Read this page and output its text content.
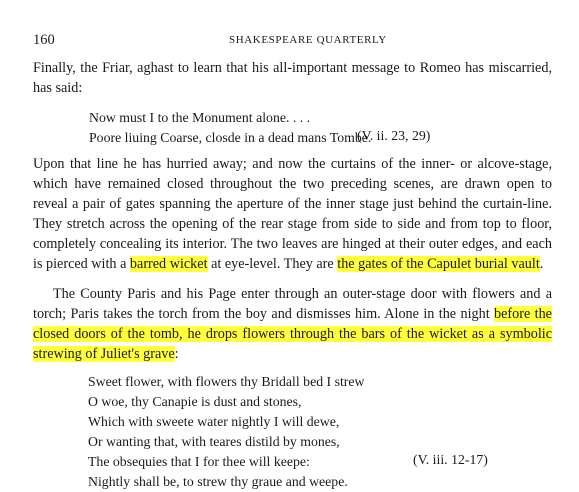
160	SHAKESPEARE QUARTERLY
Finally, the Friar, aghast to learn that his all-important message to Romeo has miscarried, has said:
Now must I to the Monument alone. . . .
Poore liuing Coarse, closde in a dead mans Tombe.
(V. ii. 23, 29)
Upon that line he has hurried away; and now the curtains of the inner- or alcove-stage, which have remained closed throughout the two preceding scenes, are drawn open to reveal a pair of gates spanning the aperture of the inner stage just behind the curtain-line. They stretch across the opening of the rear stage from side to side and from top to floor, completely concealing its interior. The two leaves are hinged at their outer edges, and each is pierced with a barred wicket at eye-level. They are the gates of the Capulet burial vault.
The County Paris and his Page enter through an outer-stage door with flowers and a torch; Paris takes the torch from the boy and dismisses him. Alone in the night before the closed doors of the tomb, he drops flowers through the bars of the wicket as a symbolic strewing of Juliet's grave:
Sweet flower, with flowers thy Bridall bed I strew
O woe, thy Canapie is dust and stones,
Which with sweete water nightly I will dewe,
Or wanting that, with teares distild by mones,
The obsequies that I for thee will keepe:
Nightly shall be, to strew thy graue and weepe.
(V. iii. 12-17)
